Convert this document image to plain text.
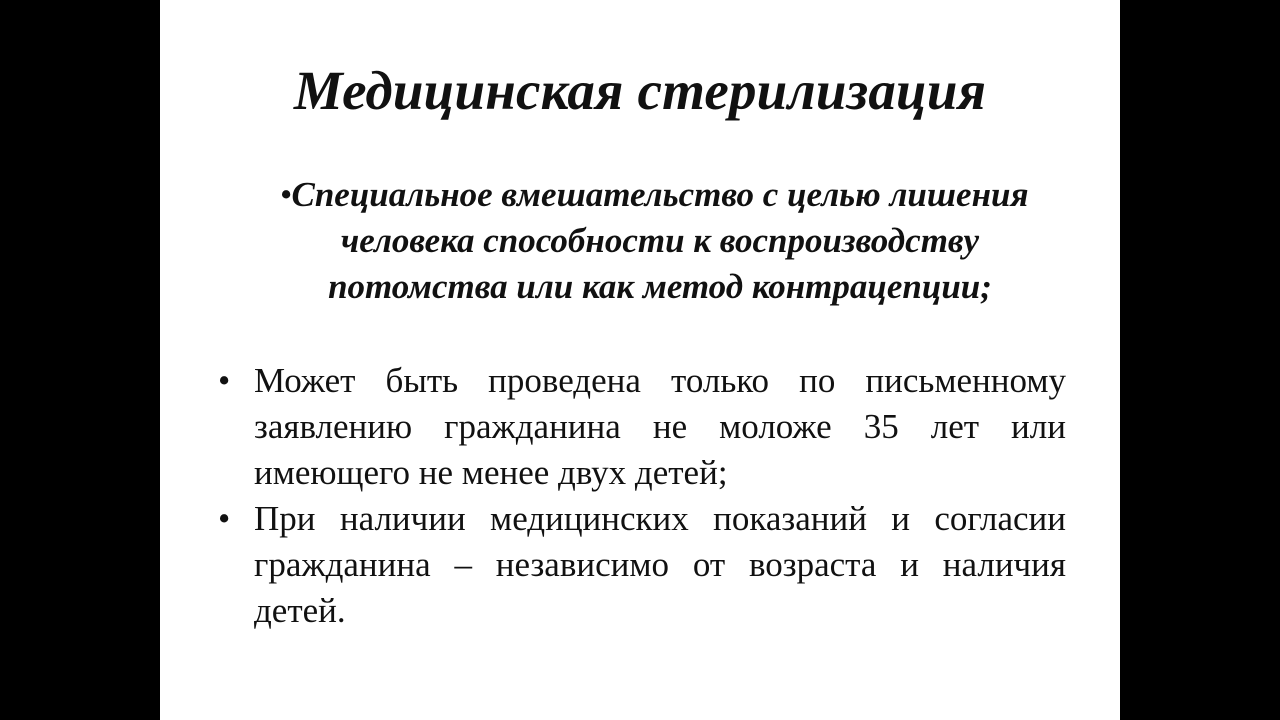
Медицинская стерилизация

• Специальное вмешательство с целью лишения человека способности к воспроизводству потомства или как метод контрацепции;

• Может быть проведена только по письменному заявлению гражданина не моложе 35 лет или имеющего не менее двух детей;

• При наличии медицинских показаний и согласии гражданина – независимо от возраста и наличия детей.
